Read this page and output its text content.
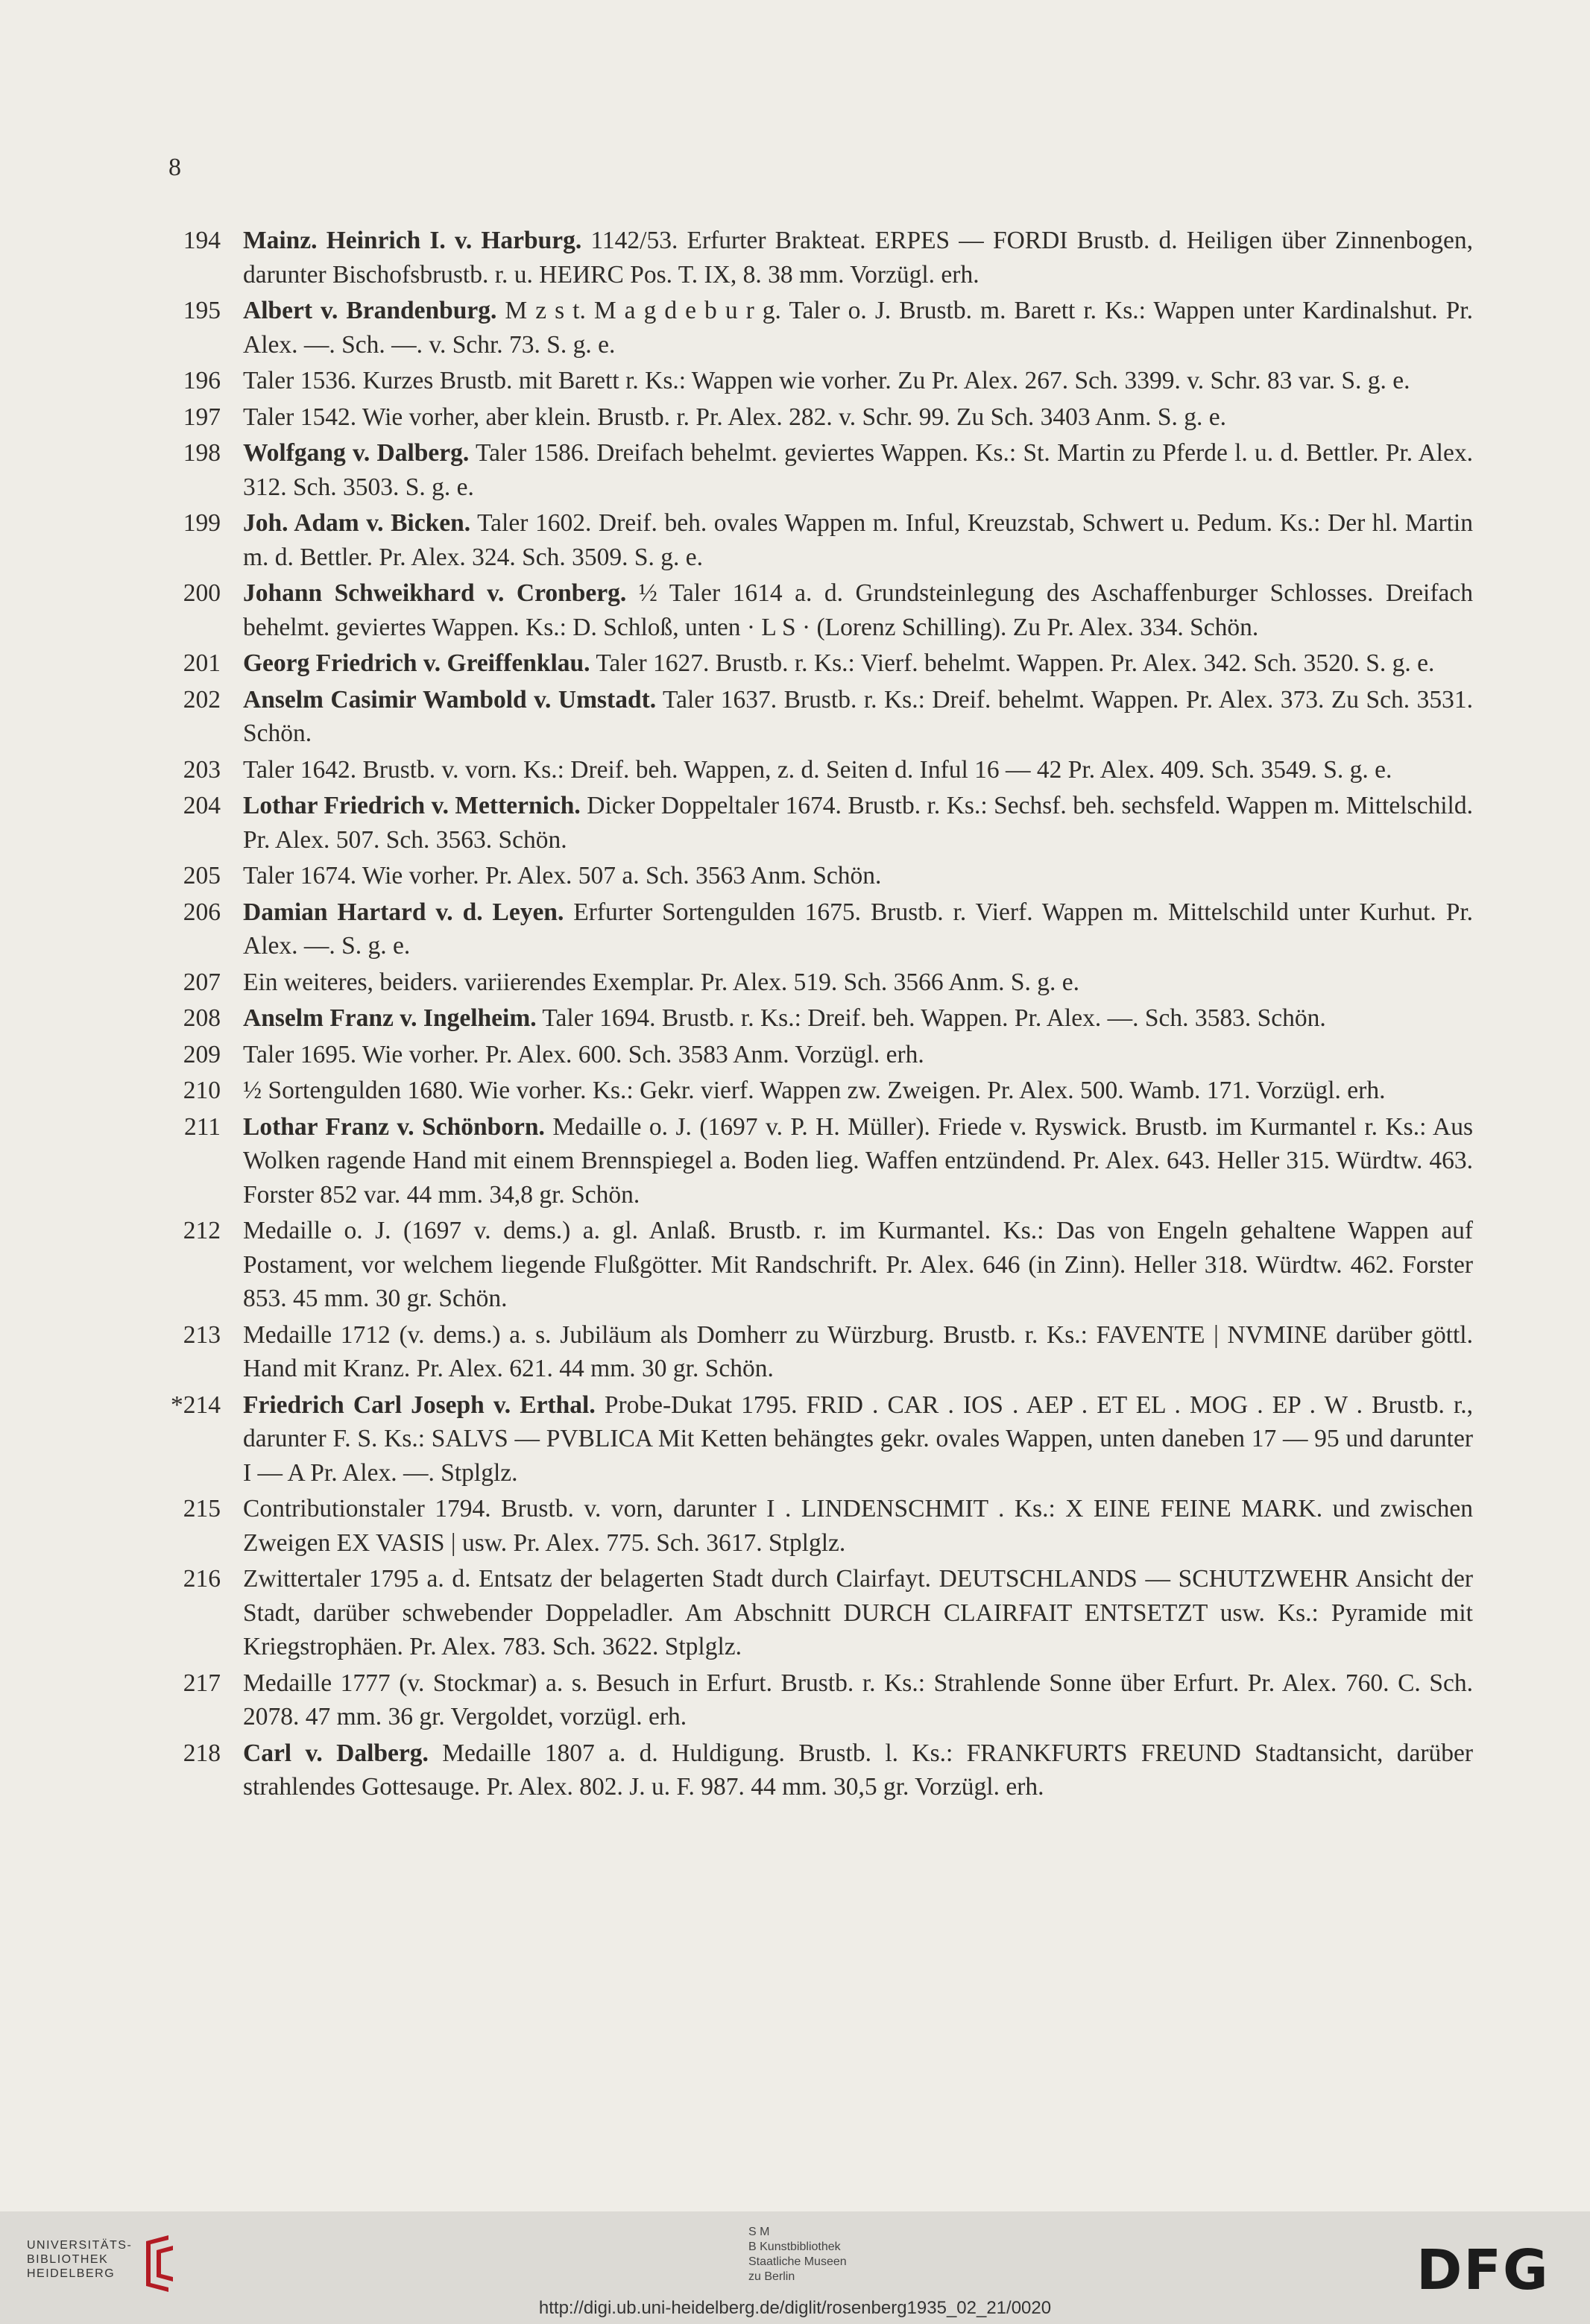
8
194 Mainz. Heinrich I. v. Harburg. 1142/53. Erfurter Brakteat. ERPES — FORDI Brustb. d. Heiligen über Zinnenbogen, darunter Bischofsbrustb. r. u. HEИRC Pos. T. IX, 8. 38 mm. Vorzügl. erh.
195 Albert v. Brandenburg. M z s t. M a g d e b u r g. Taler o. J. Brustb. m. Barett r. Ks.: Wappen unter Kardinalshut. Pr. Alex. —. Sch. —. v. Schr. 73. S. g. e.
196 Taler 1536. Kurzes Brustb. mit Barett r. Ks.: Wappen wie vorher. Zu Pr. Alex. 267. Sch. 3399. v. Schr. 83 var. S. g. e.
197 Taler 1542. Wie vorher, aber klein. Brustb. r. Pr. Alex. 282. v. Schr. 99. Zu Sch. 3403 Anm. S. g. e.
198 Wolfgang v. Dalberg. Taler 1586. Dreifach behelmt. geviertes Wappen. Ks.: St. Martin zu Pferde l. u. d. Bettler. Pr. Alex. 312. Sch. 3503. S. g. e.
199 Joh. Adam v. Bicken. Taler 1602. Dreif. beh. ovales Wappen m. Inful, Kreuzstab, Schwert u. Pedum. Ks.: Der hl. Martin m. d. Bettler. Pr. Alex. 324. Sch. 3509. S. g. e.
200 Johann Schweikhard v. Cronberg. ½ Taler 1614 a. d. Grundsteinlegung des Aschaffenburger Schlosses. Dreifach behelmt. geviertes Wappen. Ks.: D. Schloß, unten · L S · (Lorenz Schilling). Zu Pr. Alex. 334. Schön.
201 Georg Friedrich v. Greiffenklau. Taler 1627. Brustb. r. Ks.: Vierf. behelmt. Wappen. Pr. Alex. 342. Sch. 3520. S. g. e.
202 Anselm Casimir Wambold v. Umstadt. Taler 1637. Brustb. r. Ks.: Dreif. behelmt. Wappen. Pr. Alex. 373. Zu Sch. 3531. Schön.
203 Taler 1642. Brustb. v. vorn. Ks.: Dreif. beh. Wappen, z. d. Seiten d. Inful 16 — 42 Pr. Alex. 409. Sch. 3549. S. g. e.
204 Lothar Friedrich v. Metternich. Dicker Doppeltaler 1674. Brustb. r. Ks.: Sechsf. beh. sechsfeld. Wappen m. Mittelschild. Pr. Alex. 507. Sch. 3563. Schön.
205 Taler 1674. Wie vorher. Pr. Alex. 507 a. Sch. 3563 Anm. Schön.
206 Damian Hartard v. d. Leyen. Erfurter Sortengulden 1675. Brustb. r. Vierf. Wappen m. Mittelschild unter Kurhut. Pr. Alex. —. S. g. e.
207 Ein weiteres, beiders. variierendes Exemplar. Pr. Alex. 519. Sch. 3566 Anm. S. g. e.
208 Anselm Franz v. Ingelheim. Taler 1694. Brustb. r. Ks.: Dreif. beh. Wappen. Pr. Alex. —. Sch. 3583. Schön.
209 Taler 1695. Wie vorher. Pr. Alex. 600. Sch. 3583 Anm. Vorzügl. erh.
210 ½ Sortengulden 1680. Wie vorher. Ks.: Gekr. vierf. Wappen zw. Zweigen. Pr. Alex. 500. Wamb. 171. Vorzügl. erh.
211 Lothar Franz v. Schönborn. Medaille o. J. (1697 v. P. H. Müller). Friede v. Ryswick. Brustb. im Kurmantel r. Ks.: Aus Wolken ragende Hand mit einem Brennspiegel a. Boden lieg. Waffen entzündend. Pr. Alex. 643. Heller 315. Würdtw. 463. Forster 852 var. 44 mm. 34,8 gr. Schön.
212 Medaille o. J. (1697 v. dems.) a. gl. Anlaß. Brustb. r. im Kurmantel. Ks.: Das von Engeln gehaltene Wappen auf Postament, vor welchem liegende Flußgötter. Mit Randschrift. Pr. Alex. 646 (in Zinn). Heller 318. Würdtw. 462. Forster 853. 45 mm. 30 gr. Schön.
213 Medaille 1712 (v. dems.) a. s. Jubiläum als Domherr zu Würzburg. Brustb. r. Ks.: FAVENTE | NVMINE darüber göttl. Hand mit Kranz. Pr. Alex. 621. 44 mm. 30 gr. Schön.
*214 Friedrich Carl Joseph v. Erthal. Probe-Dukat 1795. FRID . CAR . IOS . AEP . ET EL . MOG . EP . W . Brustb. r., darunter F. S. Ks.: SALVS — PVBLICA Mit Ketten behängtes gekr. ovales Wappen, unten daneben 17 — 95 und darunter I — A Pr. Alex. —. Stplglz.
215 Contributionstaler 1794. Brustb. v. vorn, darunter I . LINDENSCHMIT . Ks.: X EINE FEINE MARK. und zwischen Zweigen EX VASIS | usw. Pr. Alex. 775. Sch. 3617. Stplglz.
216 Zwittertaler 1795 a. d. Entsatz der belagerten Stadt durch Clairfayt. DEUTSCHLANDS — SCHUTZWEHR Ansicht der Stadt, darüber schwebender Doppeladler. Am Abschnitt DURCH CLAIRFAIT ENTSETZT usw. Ks.: Pyramide mit Kriegstrophäen. Pr. Alex. 783. Sch. 3622. Stplglz.
217 Medaille 1777 (v. Stockmar) a. s. Besuch in Erfurt. Brustb. r. Ks.: Strahlende Sonne über Erfurt. Pr. Alex. 760. C. Sch. 2078. 47 mm. 36 gr. Vergoldet, vorzügl. erh.
218 Carl v. Dalberg. Medaille 1807 a. d. Huldigung. Brustb. l. Ks.: FRANKFURTS FREUND Stadtansicht, darüber strahlendes Gottesauge. Pr. Alex. 802. J. u. F. 987. 44 mm. 30,5 gr. Vorzügl. erh.
UNIVERSITÄTS-
BIBLIOTHEK
HEIDELBERG
S M
B Kunstbibliothek
Staatliche Museen
zu Berlin	DFG
http://digi.ub.uni-heidelberg.de/diglit/rosenberg1935_02_21/0020
